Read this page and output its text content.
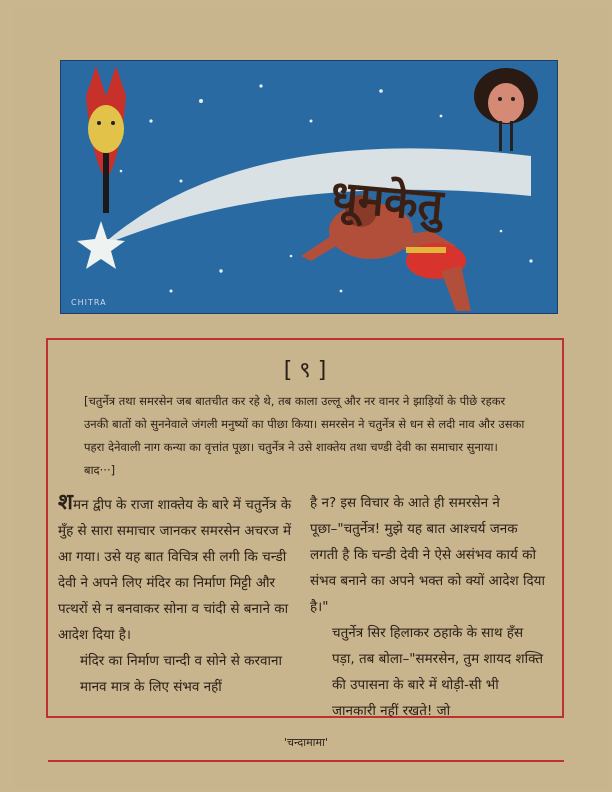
धूमकेतु
CHITRA
[ ९ ]
[चतुर्नेत्र तथा समरसेन जब बातचीत कर रहे थे, तब काला उल्लू और नर वानर ने झाड़ियों के पीछे रहकर उनकी बातों को सुननेवाले जंगली मनुष्यों का पीछा किया। समरसेन ने चतुर्नेत्र से धन से लदी नाव और उसका पहरा देनेवाली नाग कन्या का वृत्तांत पूछा। चतुर्नेत्र ने उसे शाक्तेय तथा चण्डी देवी का समाचार सुनाया। बाद···]

शमन द्वीप के राजा शाक्तेय के बारे में चतुर्नेत्र के मुँह से सारा समाचार जानकर समरसेन अचरज में आ गया। उसे यह बात विचित्र सी लगी कि चन्डी देवी ने अपने लिए मंदिर का निर्माण मिट्टी और पत्थरों से न बनवाकर सोना व चांदी से बनाने का आदेश दिया है।

मंदिर का निर्माण चान्दी व सोने से करवाना मानव मात्र के लिए संभव नहीं

है न? इस विचार के आते ही समरसेन ने पूछा–"चतुर्नेत्र! मुझे यह बात आश्चर्य जनक लगती है कि चन्डी देवी ने ऐसे असंभव कार्य को संभव बनाने का अपने भक्त को क्यों आदेश दिया है।"

चतुर्नेत्र सिर हिलाकर ठहाके के साथ हँस पड़ा, तब बोला–"समरसेन, तुम शायद शक्ति की उपासना के बारे में थोड़ी-सी भी जानकारी नहीं रखते! जो

'चन्दामामा'
